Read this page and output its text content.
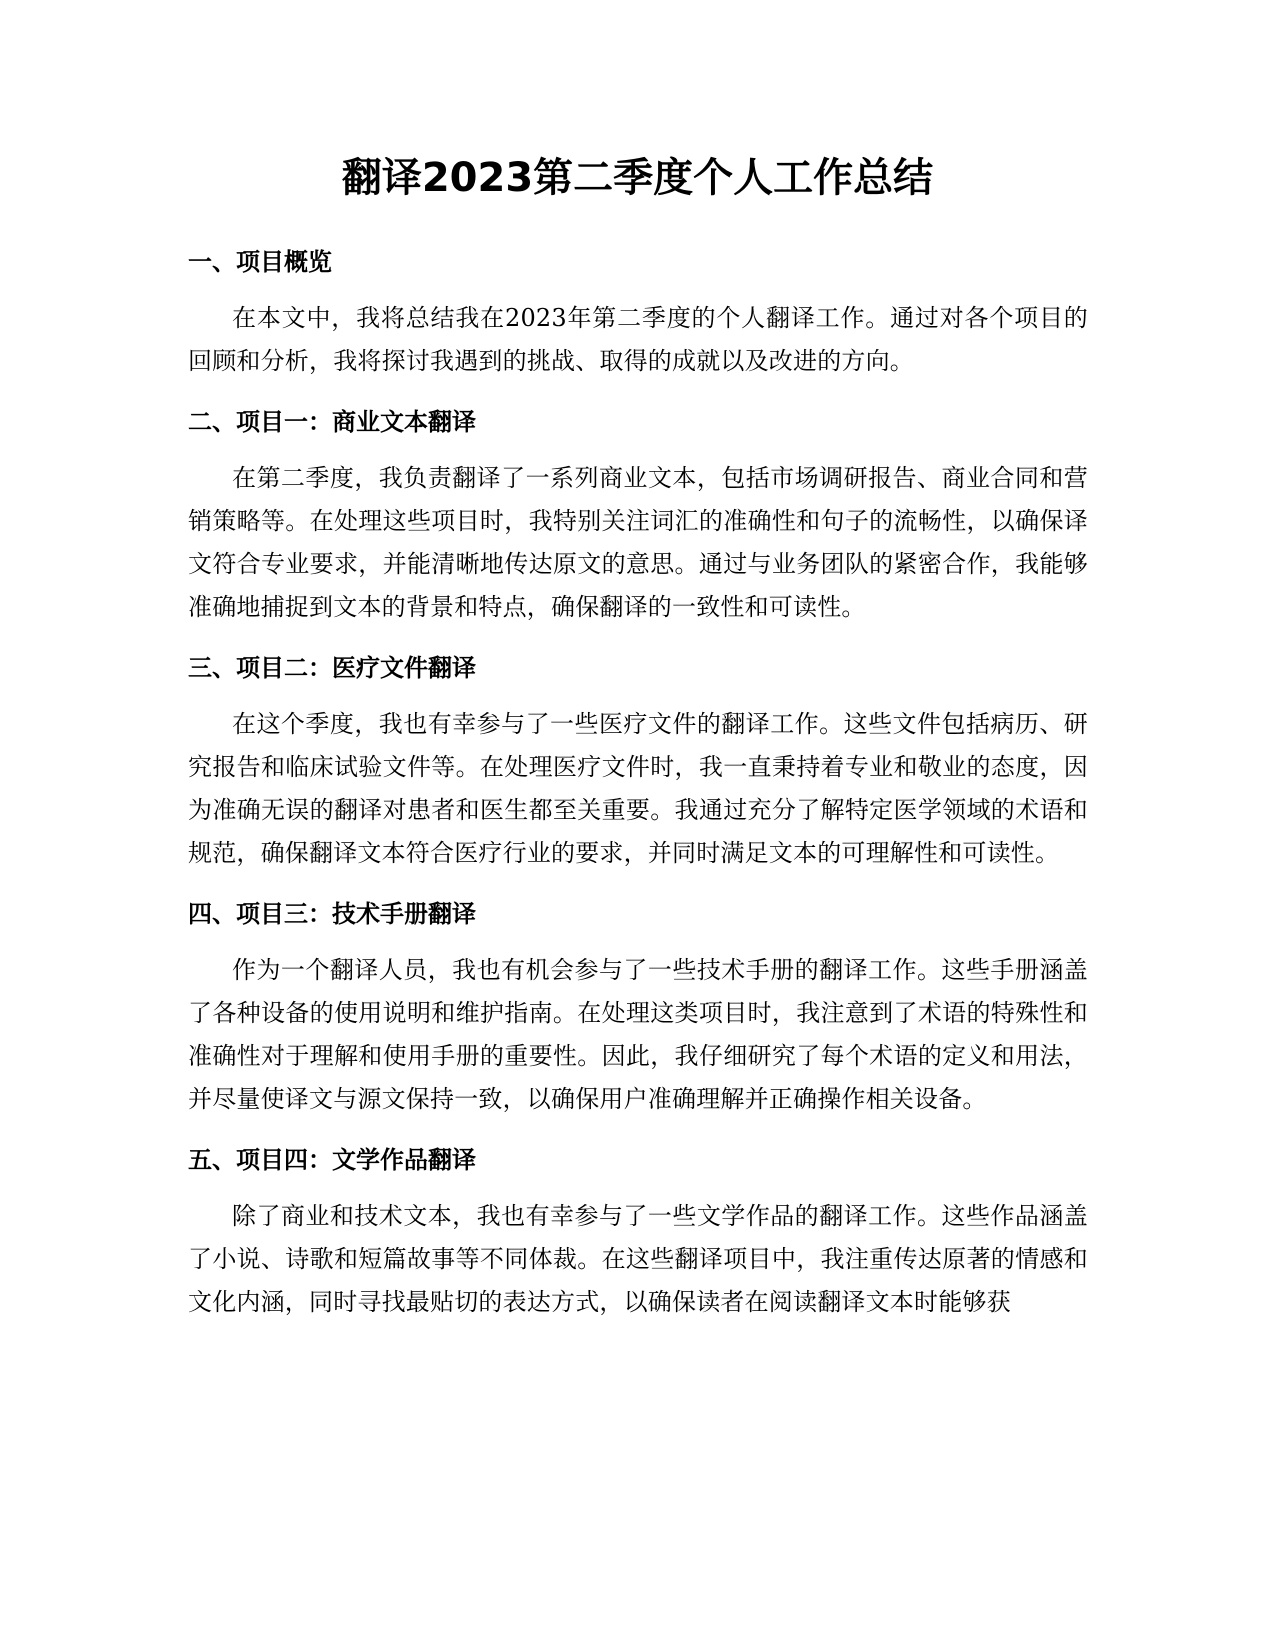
翻译2023第二季度个人工作总结
一、项目概览

在本文中，我将总结我在2023年第二季度的个人翻译工作。通过对各个项目的回顾和分析，我将探讨我遇到的挑战、取得的成就以及改进的方向。

二、项目一：商业文本翻译

在第二季度，我负责翻译了一系列商业文本，包括市场调研报告、商业合同和营销策略等。在处理这些项目时，我特别关注词汇的准确性和句子的流畅性，以确保译文符合专业要求，并能清晰地传达原文的意思。通过与业务团队的紧密合作，我能够准确地捕捉到文本的背景和特点，确保翻译的一致性和可读性。

三、项目二：医疗文件翻译

在这个季度，我也有幸参与了一些医疗文件的翻译工作。这些文件包括病历、研究报告和临床试验文件等。在处理医疗文件时，我一直秉持着专业和敬业的态度，因为准确无误的翻译对患者和医生都至关重要。我通过充分了解特定医学领域的术语和规范，确保翻译文本符合医疗行业的要求，并同时满足文本的可理解性和可读性。

四、项目三：技术手册翻译

作为一个翻译人员，我也有机会参与了一些技术手册的翻译工作。这些手册涵盖了各种设备的使用说明和维护指南。在处理这类项目时，我注意到了术语的特殊性和准确性对于理解和使用手册的重要性。因此，我仔细研究了每个术语的定义和用法，并尽量使译文与源文保持一致，以确保用户准确理解并正确操作相关设备。

五、项目四：文学作品翻译

除了商业和技术文本，我也有幸参与了一些文学作品的翻译工作。这些作品涵盖了小说、诗歌和短篇故事等不同体裁。在这些翻译项目中，我注重传达原著的情感和文化内涵，同时寻找最贴切的表达方式，以确保读者在阅读翻译文本时能够获
